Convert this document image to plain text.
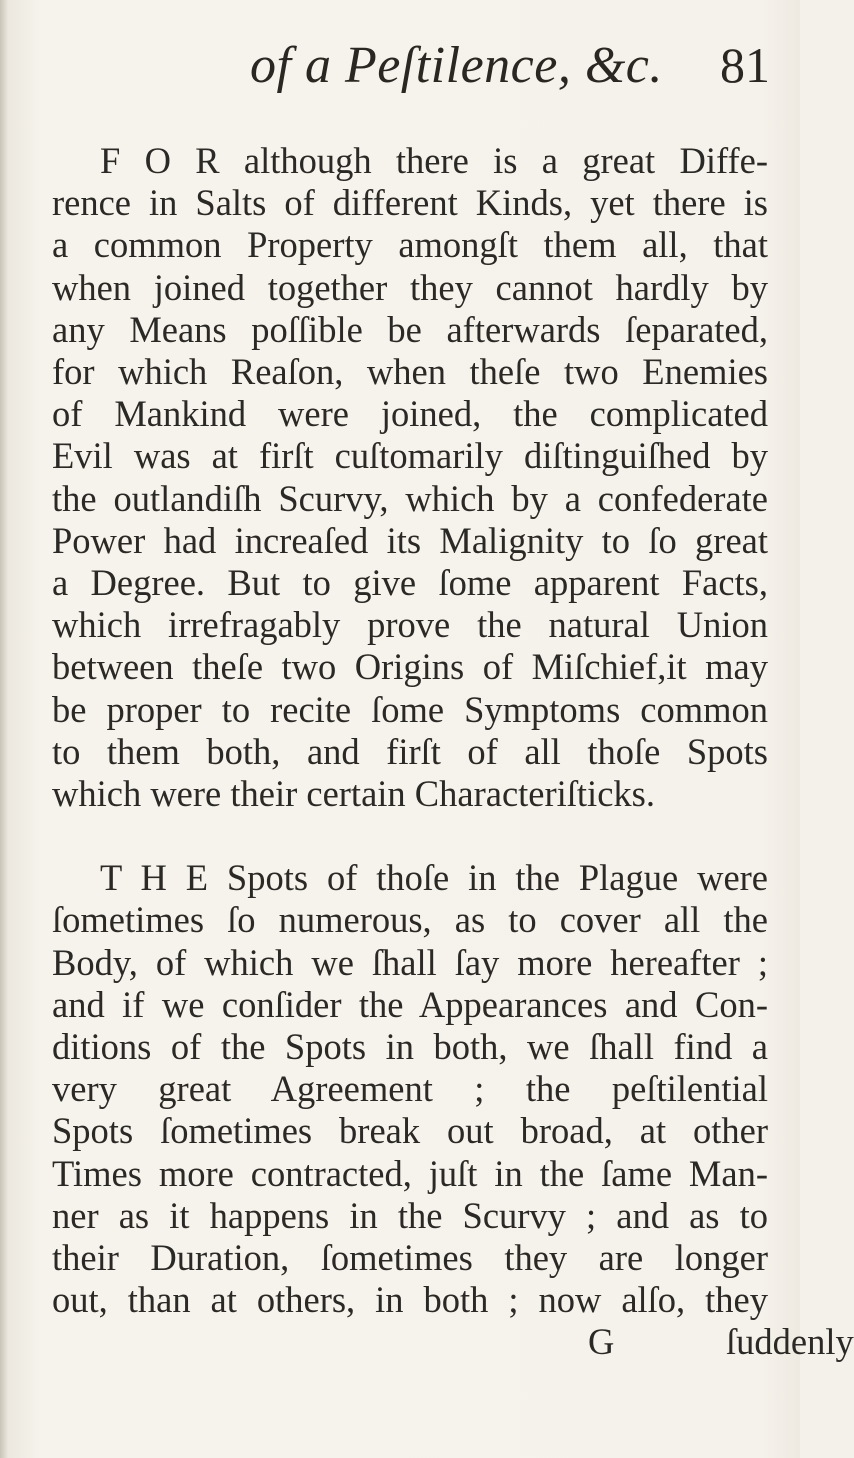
of a Peſtilence, &c. 81
F O R although there is a great Diffe-
rence in Salts of different Kinds, yet there is
a common Property amongſt them all, that
when joined together they cannot hardly by
any Means poſſible be afterwards ſeparated,
for which Reaſon, when theſe two Enemies
of Mankind were joined, the complicated
Evil was at firſt cuſtomarily diſtinguiſhed by
the outlandiſh Scurvy, which by a confederate
Power had increaſed its Malignity to ſo great
a Degree. But to give ſome apparent Facts,
which irrefragably prove the natural Union
between theſe two Origins of Miſchief,it may
be proper to recite ſome Symptoms common
to them both, and firſt of all thoſe Spots
which were their certain Characteriſticks.
T H E Spots of thoſe in the Plague were
ſometimes ſo numerous, as to cover all the
Body, of which we ſhall ſay more hereafter ;
and if we conſider the Appearances and Con-
ditions of the Spots in both, we ſhall find a
very great Agreement ; the peſtilential
Spots ſometimes break out broad, at other
Times more contracted, juſt in the ſame Man-
ner as it happens in the Scurvy ; and as to
their Duration, ſometimes they are longer
out, than at others, in both ; now alſo, they
G	ſuddenly
